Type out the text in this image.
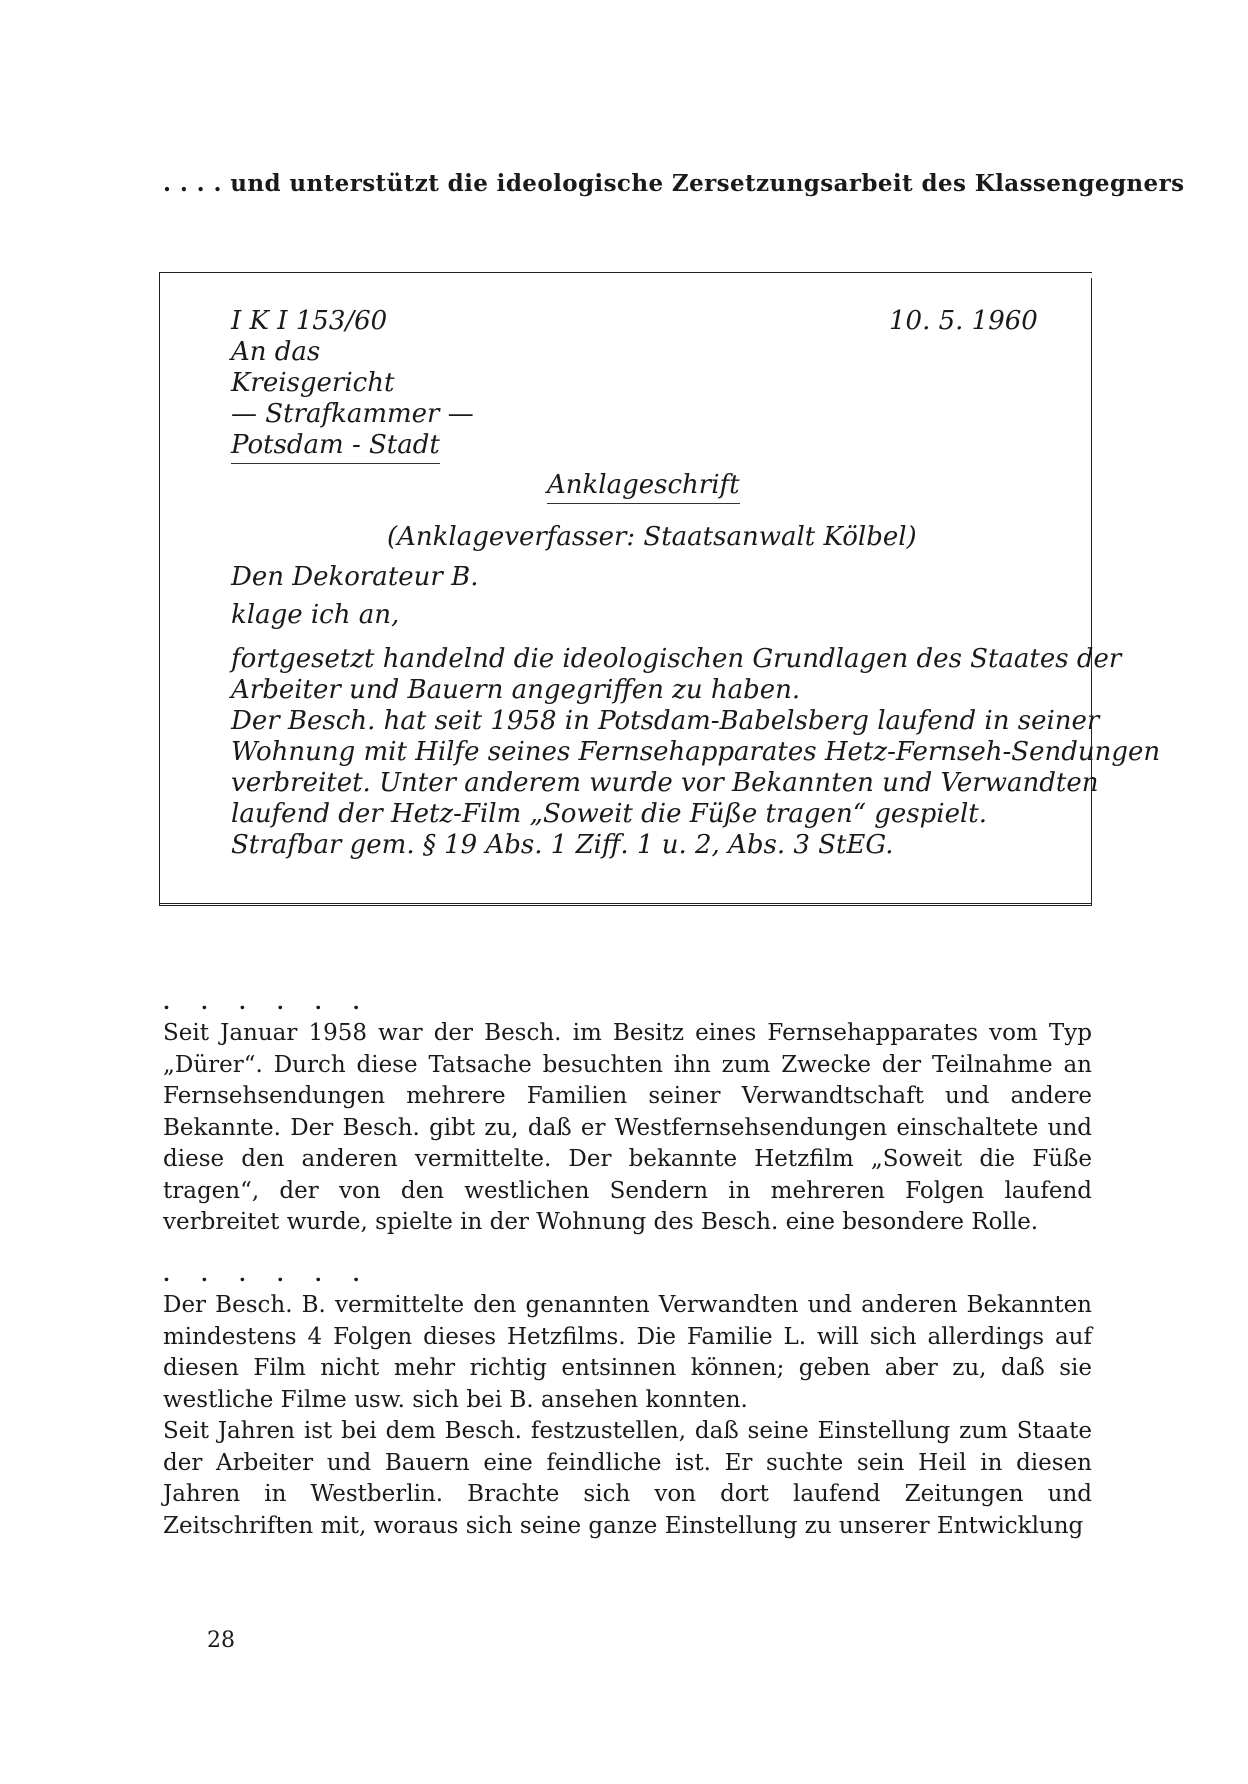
. . . . und unterstützt die ideologische Zersetzungsarbeit des Klassengegners
I K I 153/60	10. 5. 1960
An das
Kreisgericht
— Strafkammer —
Potsdam - Stadt
Anklageschrift
(Anklageverfasser: Staatsanwalt Kölbel)
Den Dekorateur B.
klage ich an,
fortgesetzt handelnd die ideologischen Grundlagen des Staates der
Arbeiter und Bauern angegriffen zu haben.
Der Besch. hat seit 1958 in Potsdam-Babelsberg laufend in seiner
Wohnung mit Hilfe seines Fernsehapparates Hetz-Fernseh-Sendungen
verbreitet. Unter anderem wurde vor Bekannten und Verwandten
laufend der Hetz-Film „Soweit die Füße tragen“ gespielt.
Strafbar gem. § 19 Abs. 1 Ziff. 1 u. 2, Abs. 3 StEG.
. . . . . .

Seit Januar 1958 war der Besch. im Besitz eines Fernsehapparates vom Typ „Dürer“. Durch diese Tatsache besuchten ihn zum Zwecke der Teilnahme an Fernsehsendungen mehrere Familien seiner Verwandtschaft und andere Bekannte. Der Besch. gibt zu, daß er Westfernsehsendungen einschaltete und diese den anderen vermittelte. Der bekannte Hetzfilm „Soweit die Füße tragen“, der von den westlichen Sendern in mehreren Folgen laufend verbreitet wurde, spielte in der Wohnung des Besch. eine besondere Rolle.

. . . . . .

Der Besch. B. vermittelte den genannten Verwandten und anderen Bekannten mindestens 4 Folgen dieses Hetzfilms. Die Familie L. will sich allerdings auf diesen Film nicht mehr richtig entsinnen können; geben aber zu, daß sie westliche Filme usw. sich bei B. ansehen konnten.

Seit Jahren ist bei dem Besch. festzustellen, daß seine Einstellung zum Staate der Arbeiter und Bauern eine feindliche ist. Er suchte sein Heil in diesen Jahren in Westberlin. Brachte sich von dort laufend Zeitungen und Zeitschriften mit, woraus sich seine ganze Einstellung zu unserer Entwicklung

28
